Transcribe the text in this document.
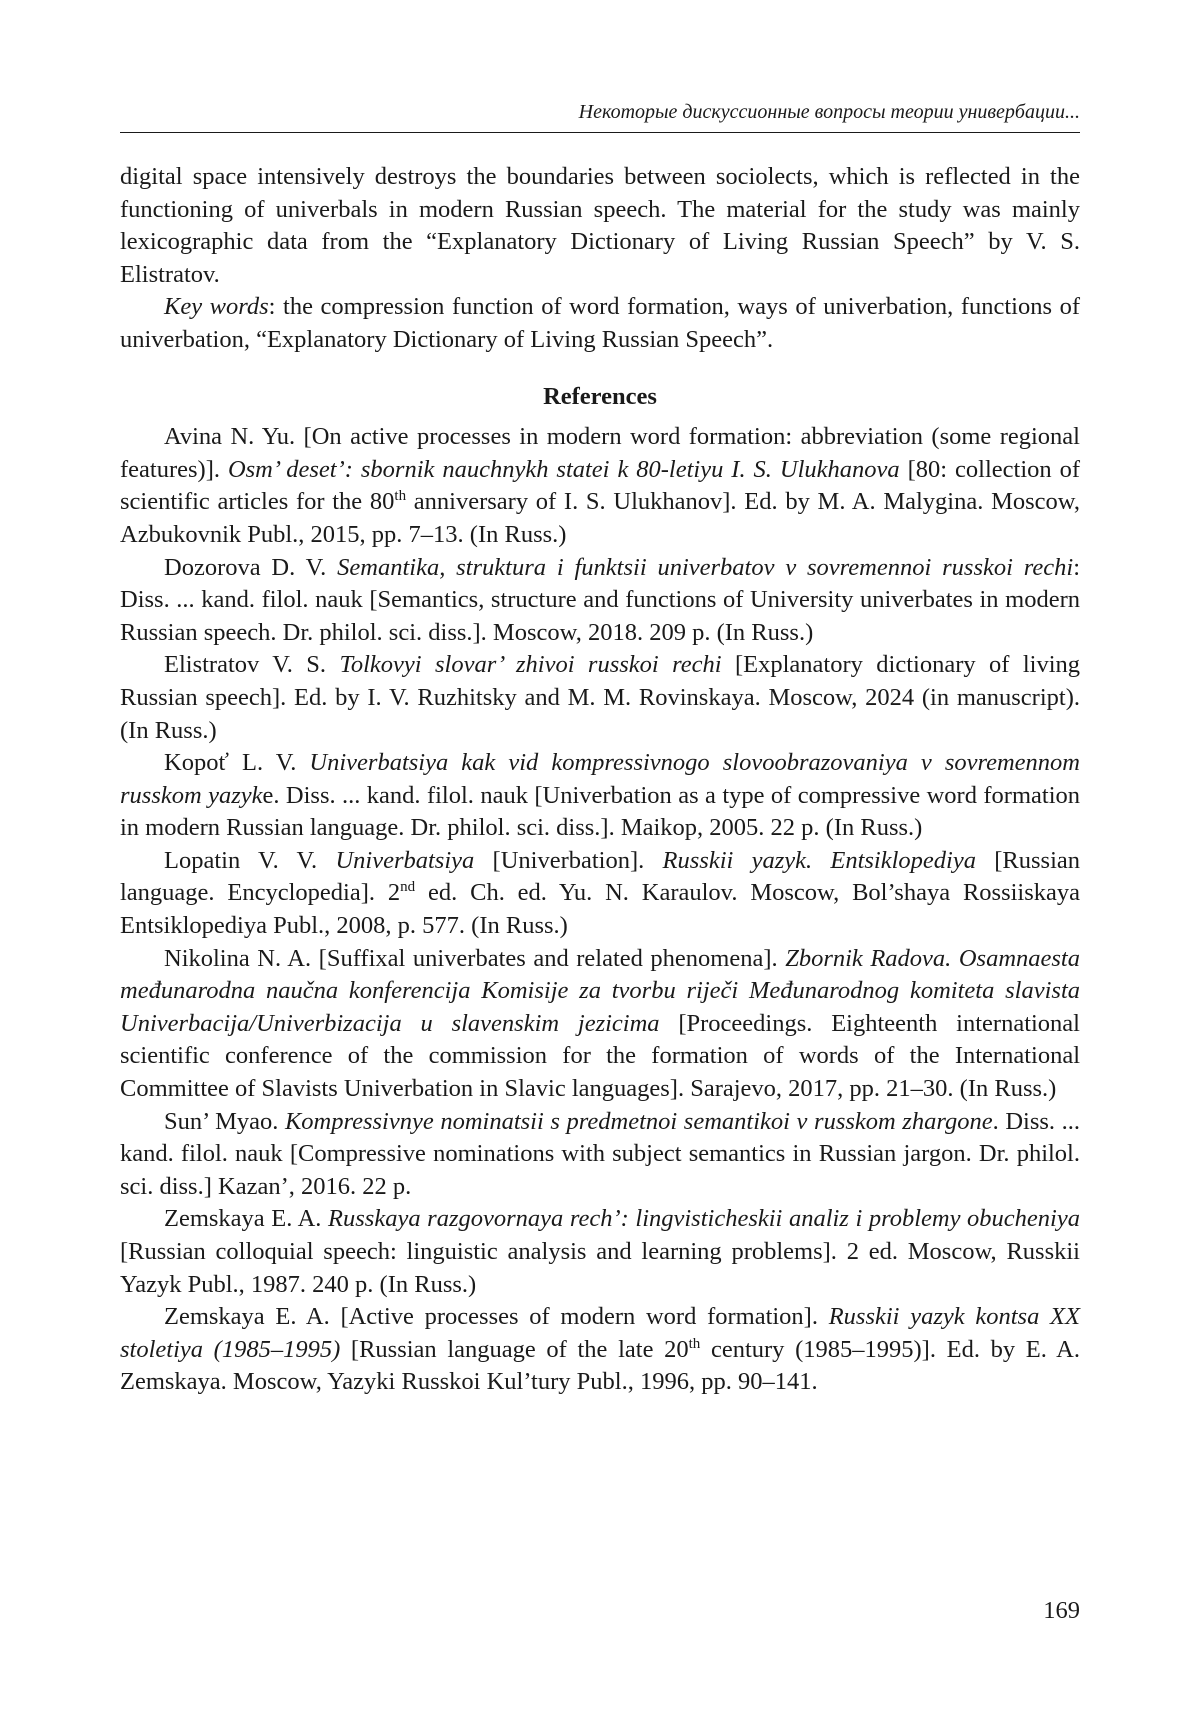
Некоторые дискуссионные вопросы теории универбации...

digital space intensively destroys the boundaries between sociolects, which is reflected in the functioning of univerbals in modern Russian speech. The material for the study was mainly lexicographic data from the “Explanatory Dictionary of Living Russian Speech” by V. S. Elistratov.

Key words: the compression function of word formation, ways of univerbation, functions of univerbation, “Explanatory Dictionary of Living Russian Speech”.

References

Avina N. Yu. [On active processes in modern word formation: abbreviation (some regional features)]. Osm’ deset’: sbornik nauchnykh statei k 80-letiyu I. S. Ulukhanova [80: collection of scientific articles for the 80th anniversary of I. S. Ulukhanov]. Ed. by M. A. Malygina. Moscow, Azbukovnik Publ., 2015, pp. 7–13. (In Russ.)

Dozorova D. V. Semantika, struktura i funktsii univerbatov v sovremennoi russkoi rechi: Diss. ... kand. filol. nauk [Semantics, structure and functions of University univerbates in modern Russian speech. Dr. philol. sci. diss.]. Moscow, 2018. 209 p. (In Russ.)

Elistratov V. S. Tolkovyi slovar’ zhivoi russkoi rechi [Explanatory dictionary of living Russian speech]. Ed. by I. V. Ruzhitsky and M. M. Rovinskaya. Moscow, 2024 (in manuscript). (In Russ.)

Kopoť L. V. Univerbatsiya kak vid kompressivnogo slovoobrazovaniya v sovremennom russkom yazyke. Diss. ... kand. filol. nauk [Univerbation as a type of compressive word formation in modern Russian language. Dr. philol. sci. diss.]. Maikop, 2005. 22 p. (In Russ.)

Lopatin V. V. Univerbatsiya [Univerbation]. Russkii yazyk. Entsiklopediya [Russian language. Encyclopedia]. 2nd ed. Ch. ed. Yu. N. Karaulov. Moscow, Bol’shaya Rossiiskaya Entsiklopediya Publ., 2008, p. 577. (In Russ.)

Nikolina N. A. [Suffixal univerbates and related phenomena]. Zbornik Radova. Osamnaesta međunarodna naučna konferencija Komisije za tvorbu riječi Međunarodnog komiteta slavista Univerbacija/Univerbizacija u slavenskim jezicima [Proceedings. Eighteenth international scientific conference of the commission for the formation of words of the International Committee of Slavists Univerbation in Slavic languages]. Sarajevo, 2017, pp. 21–30. (In Russ.)

Sun’ Myao. Kompressivnye nominatsii s predmetnoi semantikoi v russkom zhargone. Diss. ... kand. filol. nauk [Compressive nominations with subject semantics in Russian jargon. Dr. philol. sci. diss.] Kazan’, 2016. 22 p.

Zemskaya E. A. Russkaya razgovornaya rech’: lingvisticheskii analiz i problemy obucheniya [Russian colloquial speech: linguistic analysis and learning problems]. 2 ed. Moscow, Russkii Yazyk Publ., 1987. 240 p. (In Russ.)

Zemskaya E. A. [Active processes of modern word formation]. Russkii yazyk kontsa XX stoletiya (1985–1995) [Russian language of the late 20th century (1985–1995)]. Ed. by E. A. Zemskaya. Moscow, Yazyki Russkoi Kul’tury Publ., 1996, pp. 90–141.

169
